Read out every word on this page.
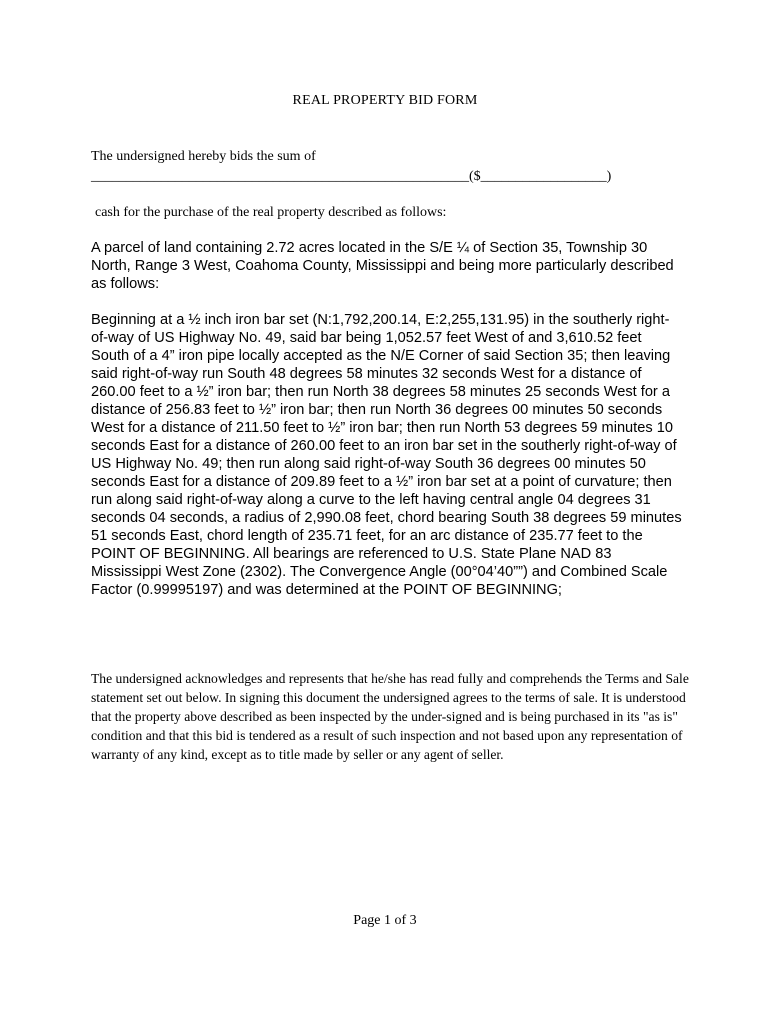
REAL PROPERTY BID FORM
The undersigned hereby bids the sum of
______________________________________________________($__________________)
cash for the purchase of the real property described as follows:
A parcel of land containing 2.72 acres located in the S/E ¼ of Section 35, Township 30 North, Range 3 West, Coahoma County, Mississippi and being more particularly described as follows:
Beginning at a ½ inch iron bar set (N:1,792,200.14, E:2,255,131.95) in the southerly right-of-way of US Highway No. 49, said bar being 1,052.57 feet West of and 3,610.52 feet South of a 4” iron pipe locally accepted as the N/E Corner of said Section 35; then leaving said right-of-way run South 48 degrees 58 minutes 32 seconds West for a distance of 260.00 feet to a ½” iron bar; then run North 38 degrees 58 minutes 25 seconds West for a distance of 256.83 feet to ½” iron bar; then run North 36 degrees 00 minutes 50 seconds West for a distance of 211.50 feet to ½” iron bar; then run North 53 degrees 59 minutes 10 seconds East for a distance of 260.00 feet to an iron bar set in the southerly right-of-way of US Highway No. 49; then run along said right-of-way South 36 degrees 00 minutes 50 seconds East for a distance of 209.89 feet to a ½” iron bar set at a point of curvature; then run along said right-of-way along a curve to the left having central angle 04 degrees 31 seconds 04 seconds, a radius of 2,990.08 feet, chord bearing South 38 degrees 59 minutes 51 seconds East, chord length of 235.71 feet, for an arc distance of 235.77 feet to the POINT OF BEGINNING. All bearings are referenced to U.S. State Plane NAD 83 Mississippi West Zone (2302). The Convergence Angle (00°04’40””) and Combined Scale Factor (0.99995197) and was determined at the POINT OF BEGINNING;
The undersigned acknowledges and represents that he/she has read fully and comprehends the Terms and Sale statement set out below. In signing this document the undersigned agrees to the terms of sale. It is understood that the property above described as been inspected by the under-signed and is being purchased in its "as is" condition and that this bid is tendered as a result of such inspection and not based upon any representation of warranty of any kind, except as to title made by seller or any agent of seller.
Page 1 of 3
